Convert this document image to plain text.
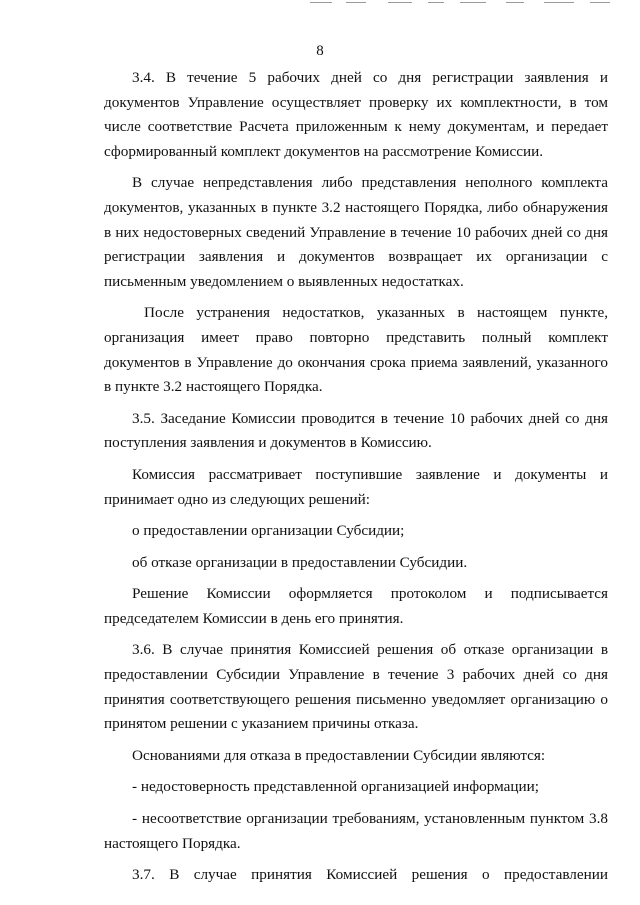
8
3.4. В течение 5 рабочих дней со дня регистрации заявления и
документов Управление осуществляет проверку их комплектности, в том
числе соответствие Расчета приложенным к нему документам, и передает
сформированный комплект документов на рассмотрение Комиссии.
В случае непредставления либо представления неполного комплекта
документов, указанных в пункте 3.2 настоящего Порядка, либо обнаружения
в них недостоверных сведений Управление в течение 10 рабочих дней со дня
регистрации заявления и документов возвращает их организации с
письменным уведомлением о выявленных недостатках.
После устранения недостатков, указанных в настоящем пункте,
организация имеет право повторно представить полный комплект
документов в Управление до окончания срока приема заявлений, указанного
в пункте 3.2 настоящего Порядка.
3.5. Заседание Комиссии проводится в течение 10 рабочих дней со дня
поступления заявления и документов в Комиссию.
Комиссия рассматривает поступившие заявление и документы и
принимает одно из следующих решений:
о предоставлении организации Субсидии;
об отказе организации в предоставлении Субсидии.
Решение Комиссии оформляется протоколом и подписывается
председателем Комиссии в день его принятия.
3.6. В случае принятия Комиссией решения об отказе организации в
предоставлении Субсидии Управление в течение 3 рабочих дней со дня
принятия соответствующего решения письменно уведомляет организацию о
принятом решении с указанием причины отказа.
Основаниями для отказа в предоставлении Субсидии являются:
- недостоверность представленной организацией информации;
- несоответствие организации требованиям, установленным пунктом 3.8
настоящего Порядка.
3.7. В случае принятия Комиссией решения о предоставлении
